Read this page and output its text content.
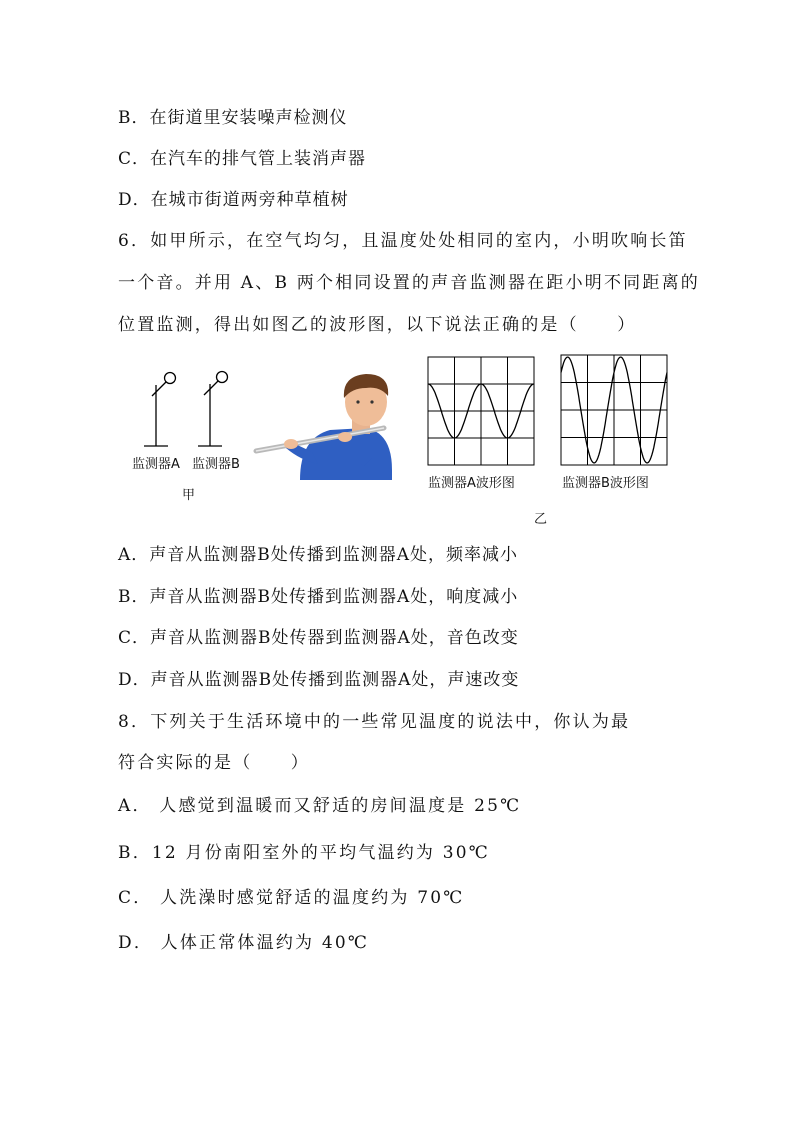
B．在街道里安装噪声检测仪
C．在汽车的排气管上装消声器
D．在城市街道两旁种草植树
6．如甲所示，在空气均匀，且温度处处相同的室内，小明吹响长笛
一个音。并用 A、B 两个相同设置的声音监测器在距小明不同距离的
位置监测，得出如图乙的波形图，以下说法正确的是（　　）
监测器A 监测器B
甲
监测器A波形图	监测器B波形图
乙
A．声音从监测器B处传播到监测器A处，频率减小
B．声音从监测器B处传播到监测器A处，响度减小
C．声音从监测器B处传器到监测器A处，音色改变
D．声音从监测器B处传播到监测器A处，声速改变
8．下列关于生活环境中的一些常见温度的说法中，你认为最
符合实际的是（　　）
A． 人感觉到温暖而又舒适的房间温度是 25℃
B．12 月份南阳室外的平均气温约为 30℃
C． 人洗澡时感觉舒适的温度约为 70℃
D． 人体正常体温约为 40℃
